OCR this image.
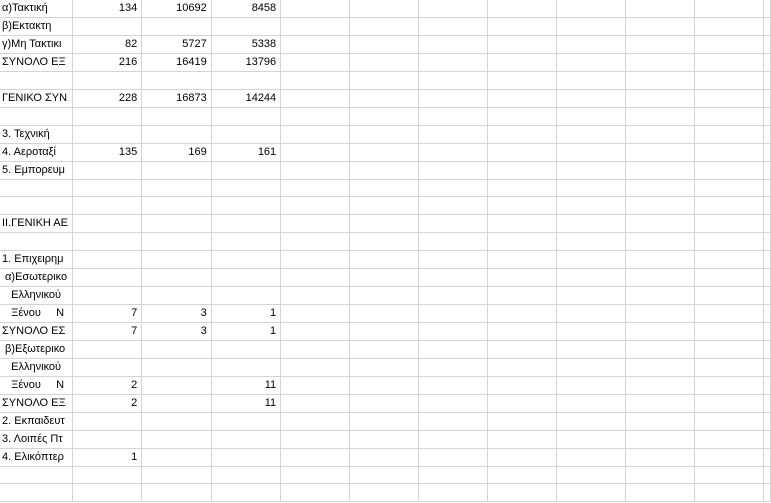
α)Τακτική	134	10692	8458								
β)Εκτακτη											
γ)Μη Τακτικι	82	5727	5338								
ΣΥΝΟΛΟ ΕΞ	216	16419	13796								

ΓΕΝΙΚΟ ΣΥΝ	228	16873	14244								

3. Τεχνική											
4. Αεροταξί	135	169	161								
5. Εμπορευμ											

II.ΓΕΝΙΚΗ ΑΕ											

1. Επιχειρημ											
α)Εσωτερικο											
Ελληνικού											
Ξένου     Ν	7	3	1								
ΣΥΝΟΛΟ ΕΣ	7	3	1								
β)Εξωτερικο											
Ελληνικού											
Ξένου     Ν	2		11								
ΣΥΝΟΛΟ ΕΞ	2		11								
2. Εκπαιδευτ											
3. Λοιπές Πτ											
4. Ελικόπτερ	1										
